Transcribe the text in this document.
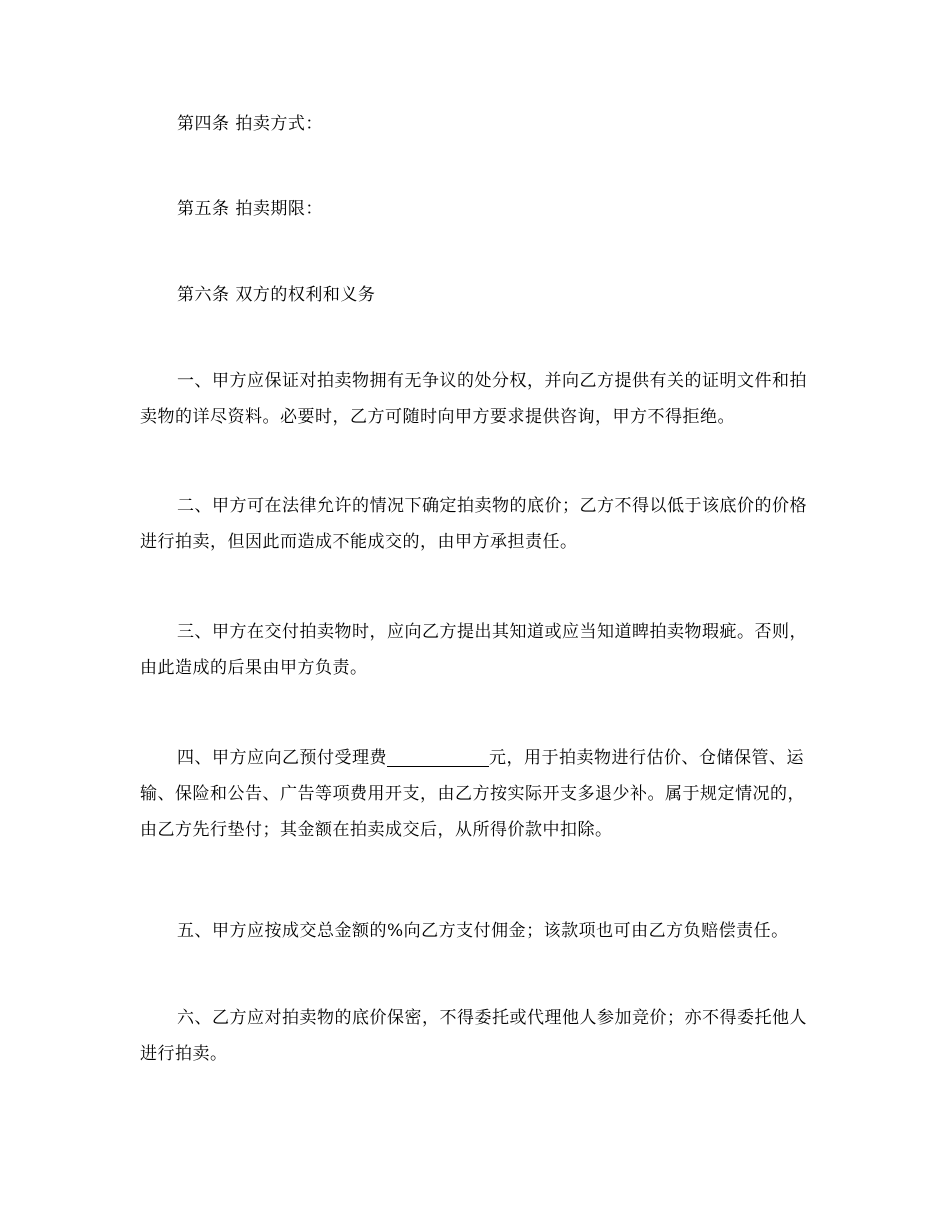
第四条 拍卖方式：

第五条 拍卖期限：

第六条 双方的权利和义务

一、甲方应保证对拍卖物拥有无争议的处分权，并向乙方提供有关的证明文件和拍卖物的详尽资料。必要时，乙方可随时向甲方要求提供咨询，甲方不得拒绝。

二、甲方可在法律允许的情况下确定拍卖物的底价；乙方不得以低于该底价的价格进行拍卖，但因此而造成不能成交的，由甲方承担责任。

三、甲方在交付拍卖物时，应向乙方提出其知道或应当知道睥拍卖物瑕疵。否则，由此造成的后果由甲方负责。

四、甲方应向乙预付受理费	元，用于拍卖物进行估价、仓储保管、运输、保险和公告、广告等项费用开支，由乙方按实际开支多退少补。属于规定情况的，由乙方先行垫付；其金额在拍卖成交后，从所得价款中扣除。

五、甲方应按成交总金额的%向乙方支付佣金；该款项也可由乙方负赔偿责任。

六、乙方应对拍卖物的底价保密，不得委托或代理他人参加竞价；亦不得委托他人进行拍卖。
